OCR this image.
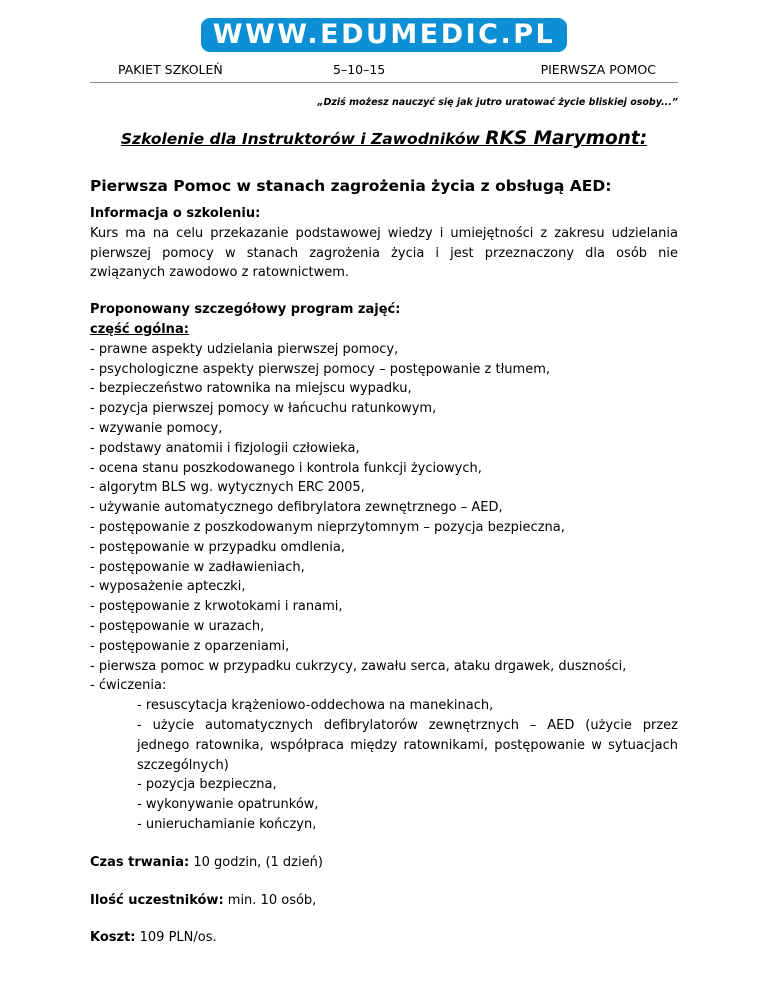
WWW.EDUMEDIC.PL
PAKIET SZKOLEŃ	5–10–15	PIERWSZA POMOC
„Dziś możesz nauczyć się jak jutro uratować życie bliskiej osoby...”
Szkolenie dla Instruktorów i Zawodników RKS Marymont:
Pierwsza Pomoc w stanach zagrożenia życia z obsługą AED:
Informacja o szkoleniu:

Kurs ma na celu przekazanie podstawowej wiedzy i umiejętności z zakresu udzielania pierwszej pomocy w stanach zagrożenia życia i jest przeznaczony dla osób nie związanych zawodowo z ratownictwem.

Proponowany szczegółowy program zajęć:
część ogólna:
- prawne aspekty udzielania pierwszej pomocy,
- psychologiczne aspekty pierwszej pomocy – postępowanie z tłumem,
- bezpieczeństwo ratownika na miejscu wypadku,
- pozycja pierwszej pomocy w łańcuchu ratunkowym,
- wzywanie pomocy,
- podstawy anatomii i fizjologii człowieka,
- ocena stanu poszkodowanego i kontrola funkcji życiowych,
- algorytm BLS wg. wytycznych ERC 2005,
- używanie automatycznego defibrylatora zewnętrznego – AED,
- postępowanie z poszkodowanym nieprzytomnym – pozycja bezpieczna,
- postępowanie w przypadku omdlenia,
- postępowanie w zadławieniach,
- wyposażenie apteczki,
- postępowanie z krwotokami i ranami,
- postępowanie w urazach,
- postępowanie z oparzeniami,
- pierwsza pomoc w przypadku cukrzycy, zawału serca, ataku drgawek, duszności,
- ćwiczenia:
- resuscytacja krążeniowo-oddechowa na manekinach,
- użycie automatycznych defibrylatorów zewnętrznych – AED (użycie przez jednego ratownika, współpraca między ratownikami, postępowanie w sytuacjach szczególnych)
- pozycja bezpieczna,
- wykonywanie opatrunków,
- unieruchamianie kończyn,

Czas trwania: 10 godzin, (1 dzień)

Ilość uczestników: min. 10 osób,

Koszt: 109 PLN/os.
